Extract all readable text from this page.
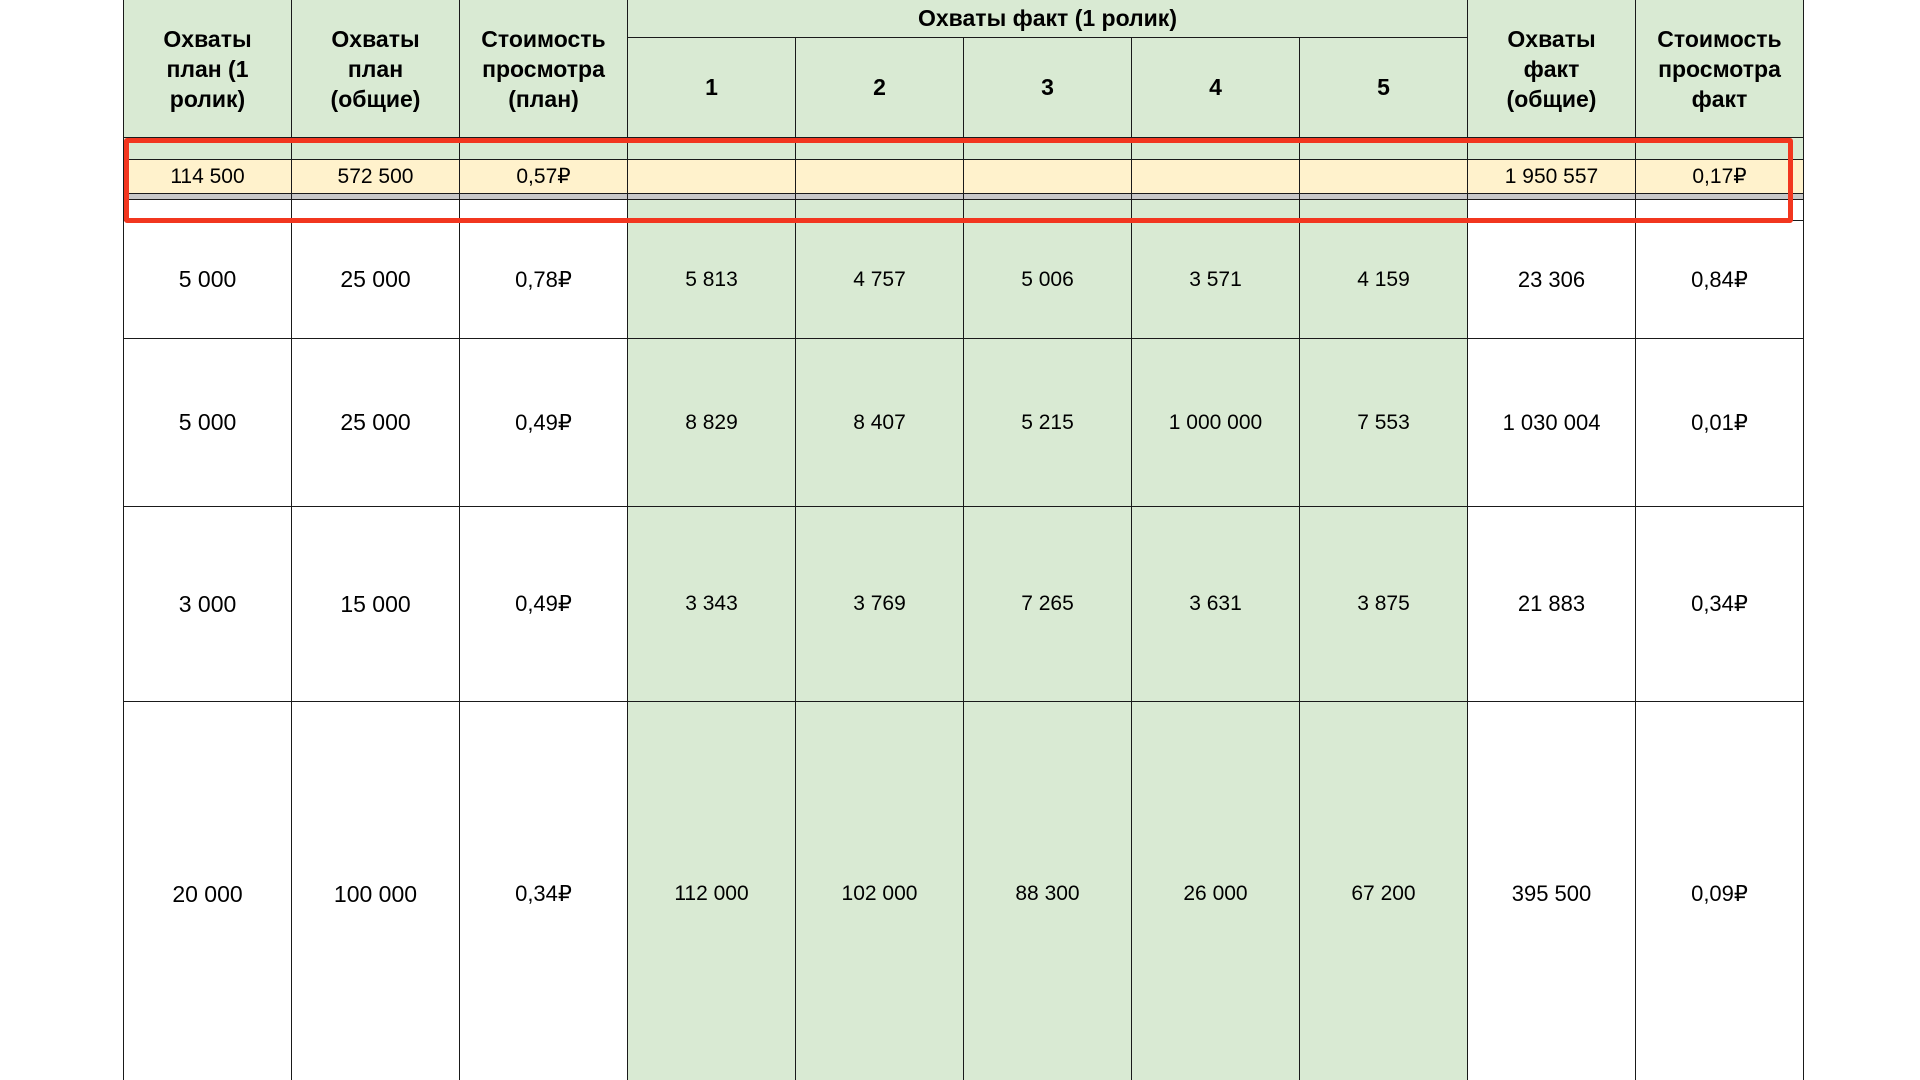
Охваты план (1 ролик)	Охваты план (общие)	Стоимость просмотра (план)	Охваты факт (1 ролик)					Охваты факт (общие)	Стоимость просмотра факт
			1	2	3	4	5		

114 500	572 500	0,57₽						1 950 557	0,17₽

5 000	25 000	0,78₽	5 813	4 757	5 006	3 571	4 159	23 306	0,84₽
5 000	25 000	0,49₽	8 829	8 407	5 215	1 000 000	7 553	1 030 004	0,01₽
3 000	15 000	0,49₽	3 343	3 769	7 265	3 631	3 875	21 883	0,34₽
20 000	100 000	0,34₽	112 000	102 000	88 300	26 000	67 200	395 500	0,09₽
